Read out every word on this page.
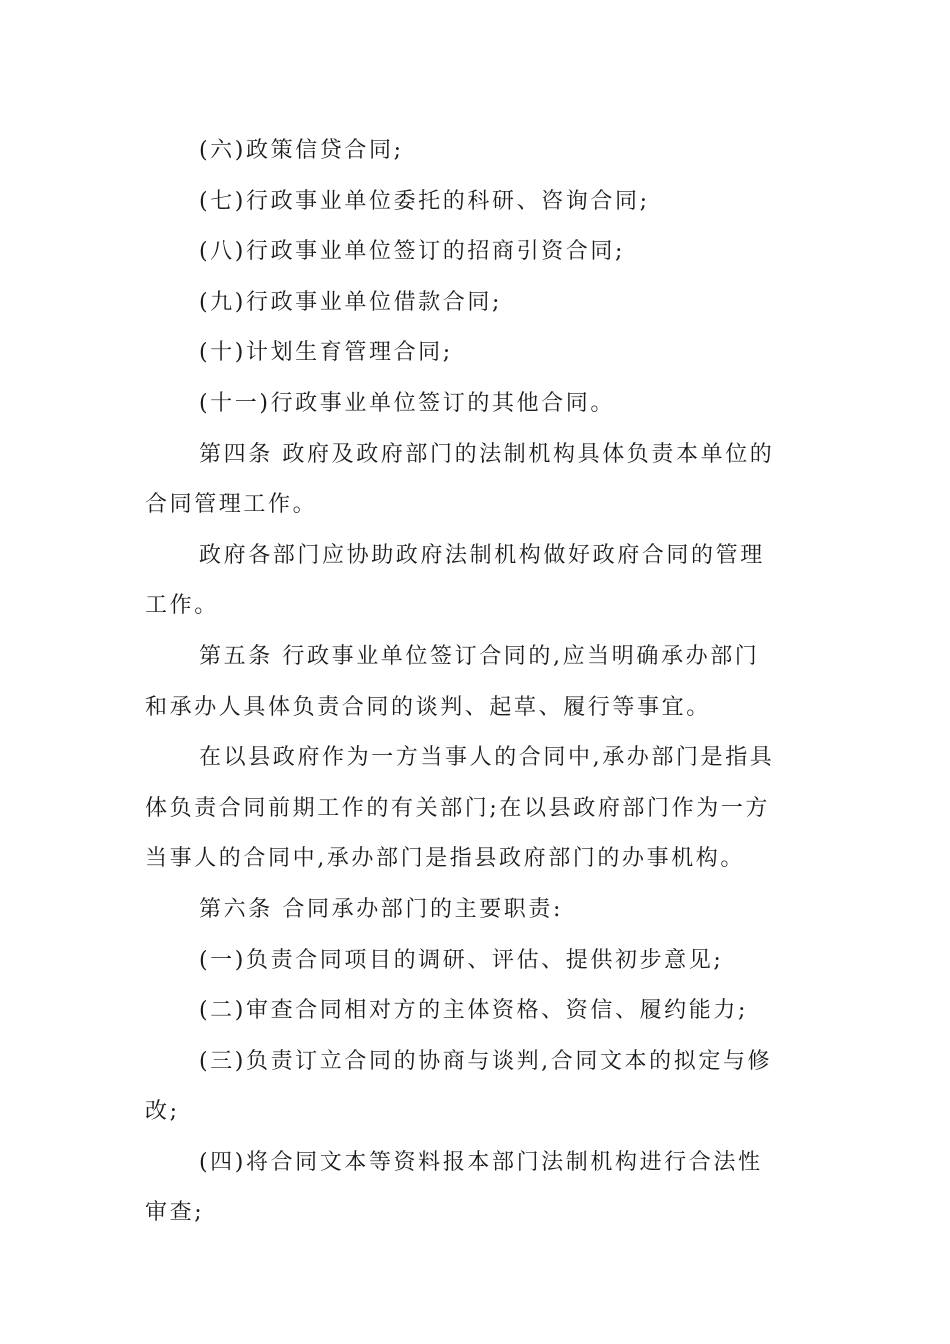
(六)政策信贷合同;
(七)行政事业单位委托的科研、咨询合同;
(八)行政事业单位签订的招商引资合同;
(九)行政事业单位借款合同;
(十)计划生育管理合同;
(十一)行政事业单位签订的其他合同。
第四条 政府及政府部门的法制机构具体负责本单位的
合同管理工作。
政府各部门应协助政府法制机构做好政府合同的管理
工作。
第五条 行政事业单位签订合同的,应当明确承办部门
和承办人具体负责合同的谈判、起草、履行等事宜。
在以县政府作为一方当事人的合同中,承办部门是指具
体负责合同前期工作的有关部门;在以县政府部门作为一方
当事人的合同中,承办部门是指县政府部门的办事机构。
第六条 合同承办部门的主要职责:
(一)负责合同项目的调研、评估、提供初步意见;
(二)审查合同相对方的主体资格、资信、履约能力;
(三)负责订立合同的协商与谈判,合同文本的拟定与修
改;
(四)将合同文本等资料报本部门法制机构进行合法性
审查;
